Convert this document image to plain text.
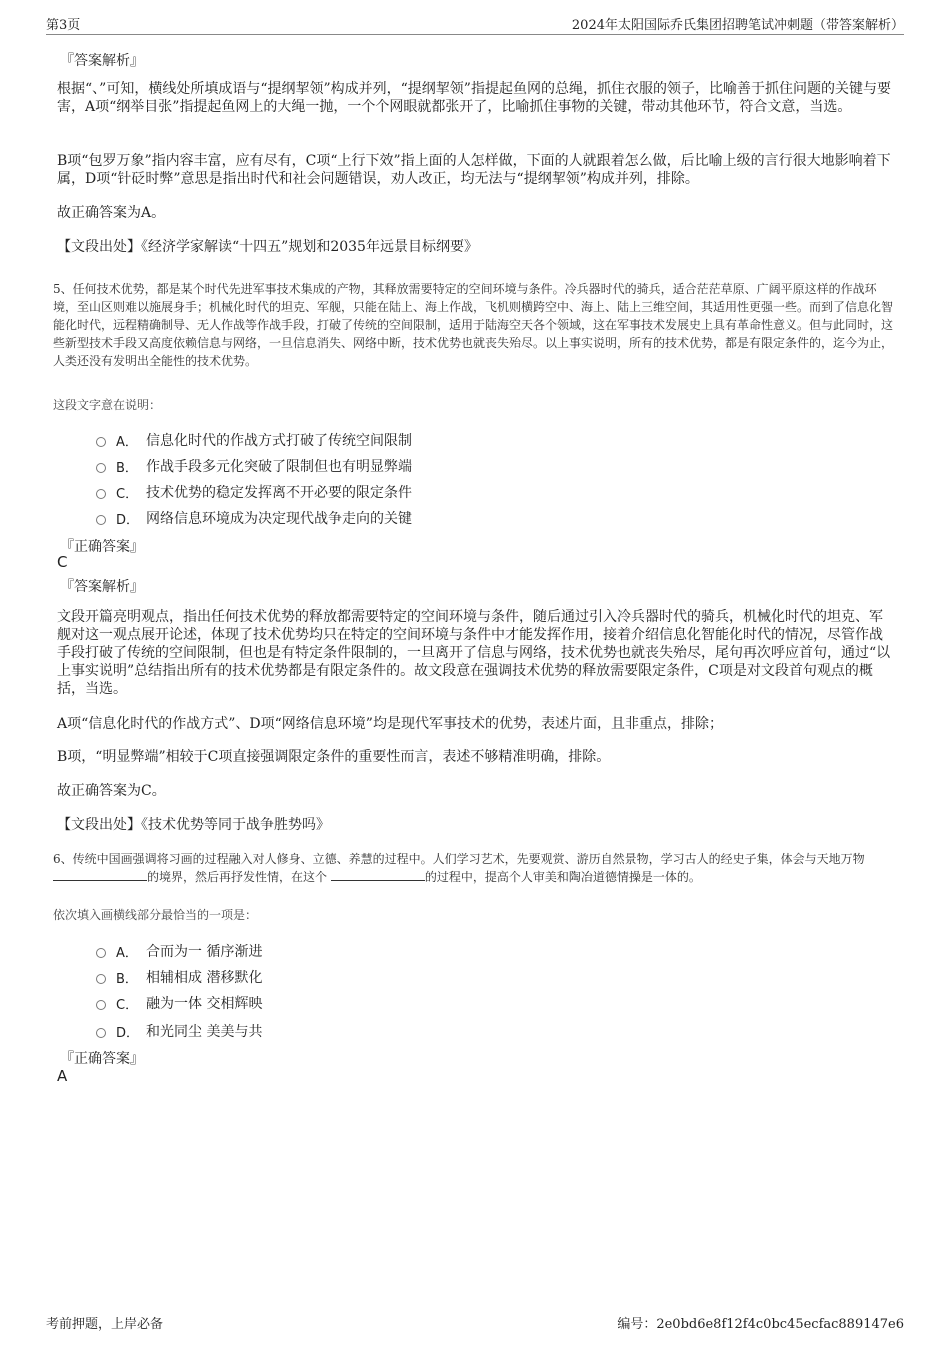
第3页	2024年太阳国际乔氏集团招聘笔试冲刺题（带答案解析）
『答案解析』

根据“、”可知，横线处所填成语与“提纲挈领”构成并列，“提纲挈领”指提起鱼网的总绳，抓住衣服的领子，比喻善于抓住问题的关键与要害，A项“纲举目张”指提起鱼网上的大绳一抛，一个个网眼就都张开了，比喻抓住事物的关键，带动其他环节，符合文意，当选。

B项“包罗万象”指内容丰富，应有尽有，C项“上行下效”指上面的人怎样做，下面的人就跟着怎么做，后比喻上级的言行很大地影响着下属，D项“针砭时弊”意思是指出时代和社会问题错误，劝人改正，均无法与“提纲挈领”构成并列，排除。

故正确答案为A。

【文段出处】《经济学家解读“十四五”规划和2035年远景目标纲要》

5、任何技术优势，都是某个时代先进军事技术集成的产物，其释放需要特定的空间环境与条件。冷兵器时代的骑兵，适合茫茫草原、广阔平原这样的作战环境，至山区则难以施展身手；机械化时代的坦克、军舰，只能在陆上、海上作战，飞机则横跨空中、海上、陆上三维空间，其适用性更强一些。而到了信息化智能化时代，远程精确制导、无人作战等作战手段，打破了传统的空间限制，适用于陆海空天各个领域，这在军事技术发展史上具有革命性意义。但与此同时，这些新型技术手段又高度依赖信息与网络，一旦信息消失、网络中断，技术优势也就丧失殆尽。以上事实说明，所有的技术优势，都是有限定条件的，迄今为止，人类还没有发明出全能性的技术优势。

这段文字意在说明：
A． 信息化时代的作战方式打破了传统空间限制
B． 作战手段多元化突破了限制但也有明显弊端
C． 技术优势的稳定发挥离不开必要的限定条件
D． 网络信息环境成为决定现代战争走向的关键
『正确答案』
C
『答案解析』

文段开篇亮明观点，指出任何技术优势的释放都需要特定的空间环境与条件，随后通过引入冷兵器时代的骑兵，机械化时代的坦克、军舰对这一观点展开论述，体现了技术优势均只在特定的空间环境与条件中才能发挥作用，接着介绍信息化智能化时代的情况，尽管作战手段打破了传统的空间限制，但也是有特定条件限制的，一旦离开了信息与网络，技术优势也就丧失殆尽，尾句再次呼应首句，通过“以上事实说明”总结指出所有的技术优势都是有限定条件的。故文段意在强调技术优势的释放需要限定条件，C项是对文段首句观点的概括，当选。

A项“信息化时代的作战方式”、D项“网络信息环境”均是现代军事技术的优势，表述片面，且非重点，排除；

B项，“明显弊端”相较于C项直接强调限定条件的重要性而言，表述不够精准明确，排除。

故正确答案为C。

【文段出处】《技术优势等同于战争胜势吗》

6、传统中国画强调将习画的过程融入对人修身、立德、养慧的过程中。人们学习艺术，先要观赏、游历自然景物，学习古人的经史子集，体会与天地万物 的境界，然后再抒发性情，在这个	的过程中，提高个人审美和陶冶道德情操是一体的。

依次填入画横线部分最恰当的一项是：
A． 合而为一 循序渐进
B． 相辅相成 潜移默化
C． 融为一体 交相辉映
D． 和光同尘 美美与共
『正确答案』
A
考前押题，上岸必备	编号：2e0bd6e8f12f4c0bc45ecfac889147e6
